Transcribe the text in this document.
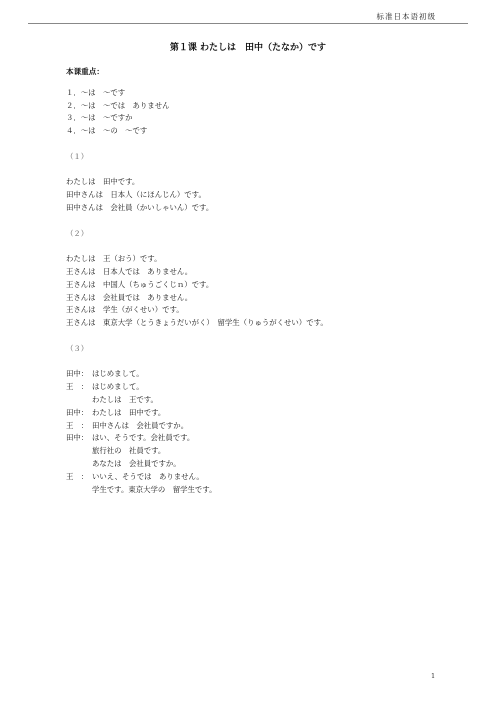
标准日本语初级
第１课 わたしは　田中（たなか）です
本课重点：
１．～は　～です
２．～は　～では　ありません
３．～は　～ですか
４．～は　～の　～です
（１）
わたしは　田中です。
田中さんは　日本人（にほんじん）です。
田中さんは　会社員（かいしゃいん）です。
（２）
わたしは　王（おう）です。
王さんは　日本人では　ありません。
王さんは　中国人（ちゅうごくじｎ）です。
王さんは　会社員では　ありません。
王さんは　学生（がくせい）です。
王さんは　東京大学（とうきょうだいがく）　留学生（りゅうがくせい）です。
（３）
田中： はじめまして。
王　： はじめまして。
わたしは　王です。
田中： わたしは　田中です。
王　： 田中さんは　会社員ですか。
田中： はい、そうです。会社員です。
旅行社の　社員です。
あなたは　会社員ですか。
王　： いいえ、そうでは　ありません。
学生です。東京大学の　留学生です。
1
